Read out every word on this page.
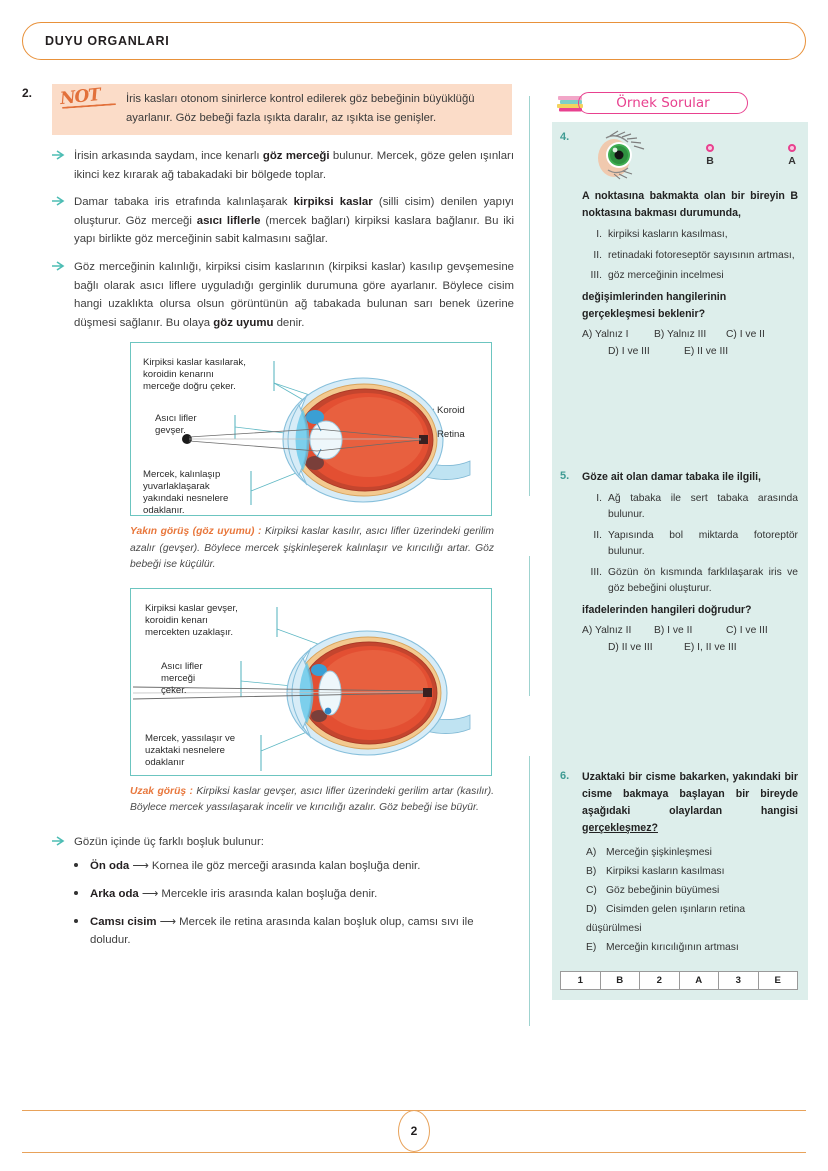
DUYU ORGANLARI
2. NOT İris kasları otonom sinirlerce kontrol edilerek göz bebeğinin büyüklüğü ayarlanır. Göz bebeği fazla ışıkta daralır, az ışıkta ise genişler.
İrisin arkasında saydam, ince kenarlı göz merceği bulunur. Mercek, göze gelen ışınları ikinci kez kırarak ağ tabakadaki bir bölgede toplar.
Damar tabaka iris etrafında kalınlaşarak kirpiksi kaslar (silli cisim) denilen yapıyı oluşturur. Göz merceği asıcı liflerle (mercek bağları) kirpiksi kaslara bağlanır. Bu iki yapı birlikte göz merceğinin sabit kalmasını sağlar.
Göz merceğinin kalınlığı, kirpiksi cisim kaslarının (kirpiksi kaslar) kasılıp gevşemesine bağlı olarak asıcı liflere uyguladığı gerginlik durumuna göre ayarlanır. Böylece cisim hangi uzaklıkta olursa olsun görüntünün ağ tabakada bulunan sarı benek üzerine düşmesi sağlanır. Bu olaya göz uyumu denir.
Kirpiksi kaslar kasılarak,
koroidin kenarını
merceğe doğru çeker.
Asıcı lifler
gevşer.
Mercek, kalınlaşıp
yuvarlaklaşarak
yakındaki nesnelere
odaklanır.
Koroid
Retina
Yakın görüş (göz uyumu) : Kirpiksi kaslar kasılır, asıcı lifler üzerindeki gerilim azalır (gevşer). Böylece mercek şişkinleşerek kalınlaşır ve kırıcılığı artar. Göz bebeği ise küçülür.
Kirpiksi kaslar gevşer,
koroidin kenarı
mercekten uzaklaşır.
Asıcı lifler
merceği
çeker.
Mercek, yassılaşır ve
uzaktaki nesnelere
odaklanır
Uzak görüş : Kirpiksi kaslar gevşer, asıcı lifler üzerindeki gerilim artar (kasılır). Böylece mercek yassılaşarak incelir ve kırıcılığı azalır. Göz bebeği ise büyür.
Gözün içinde üç farklı boşluk bulunur:
Ön oda ⟶ Kornea ile göz merceği arasında kalan boşluğa denir.
Arka oda ⟶ Mercekle iris arasında kalan boşluğa denir.
Camsı cisim ⟶ Mercek ile retina arasında kalan boşluk olup, camsı sıvı ile doludur.
Örnek Sorular
4.
B	A
A noktasına bakmakta olan bir bireyin B noktasına bakması durumunda,
I. kirpiksi kasların kasılması,
II. retinadaki fotoreseptör sayısının artması,
III. göz merceğinin incelmesi
değişimlerinden hangilerinin gerçekleşmesi beklenir?
A) Yalnız I	B) Yalnız III	C) I ve II
D) I ve III	E) II ve III
5.	Göze ait olan damar tabaka ile ilgili,
I. Ağ tabaka ile sert tabaka arasında bulunur.
II. Yapısında bol miktarda fotoreptör bulunur.
III. Gözün ön kısmında farklılaşarak iris ve göz bebeğini oluşturur.
ifadelerinden hangileri doğrudur?
A) Yalnız II	B) I ve II	C) I ve III
D) II ve III	E) I, II ve III
6.	Uzaktaki bir cisme bakarken, yakındaki bir cisme bakmaya başlayan bir bireyde aşağıdaki olaylardan hangisi gerçekleşmez?
A) Merceğin şişkinleşmesi
B) Kirpiksi kasların kasılması
C) Göz bebeğinin büyümesi
D) Cisimden gelen ışınların retina düşürülmesi
E) Merceğin kırıcılığının artması
1	B	2	A	3	E
2
